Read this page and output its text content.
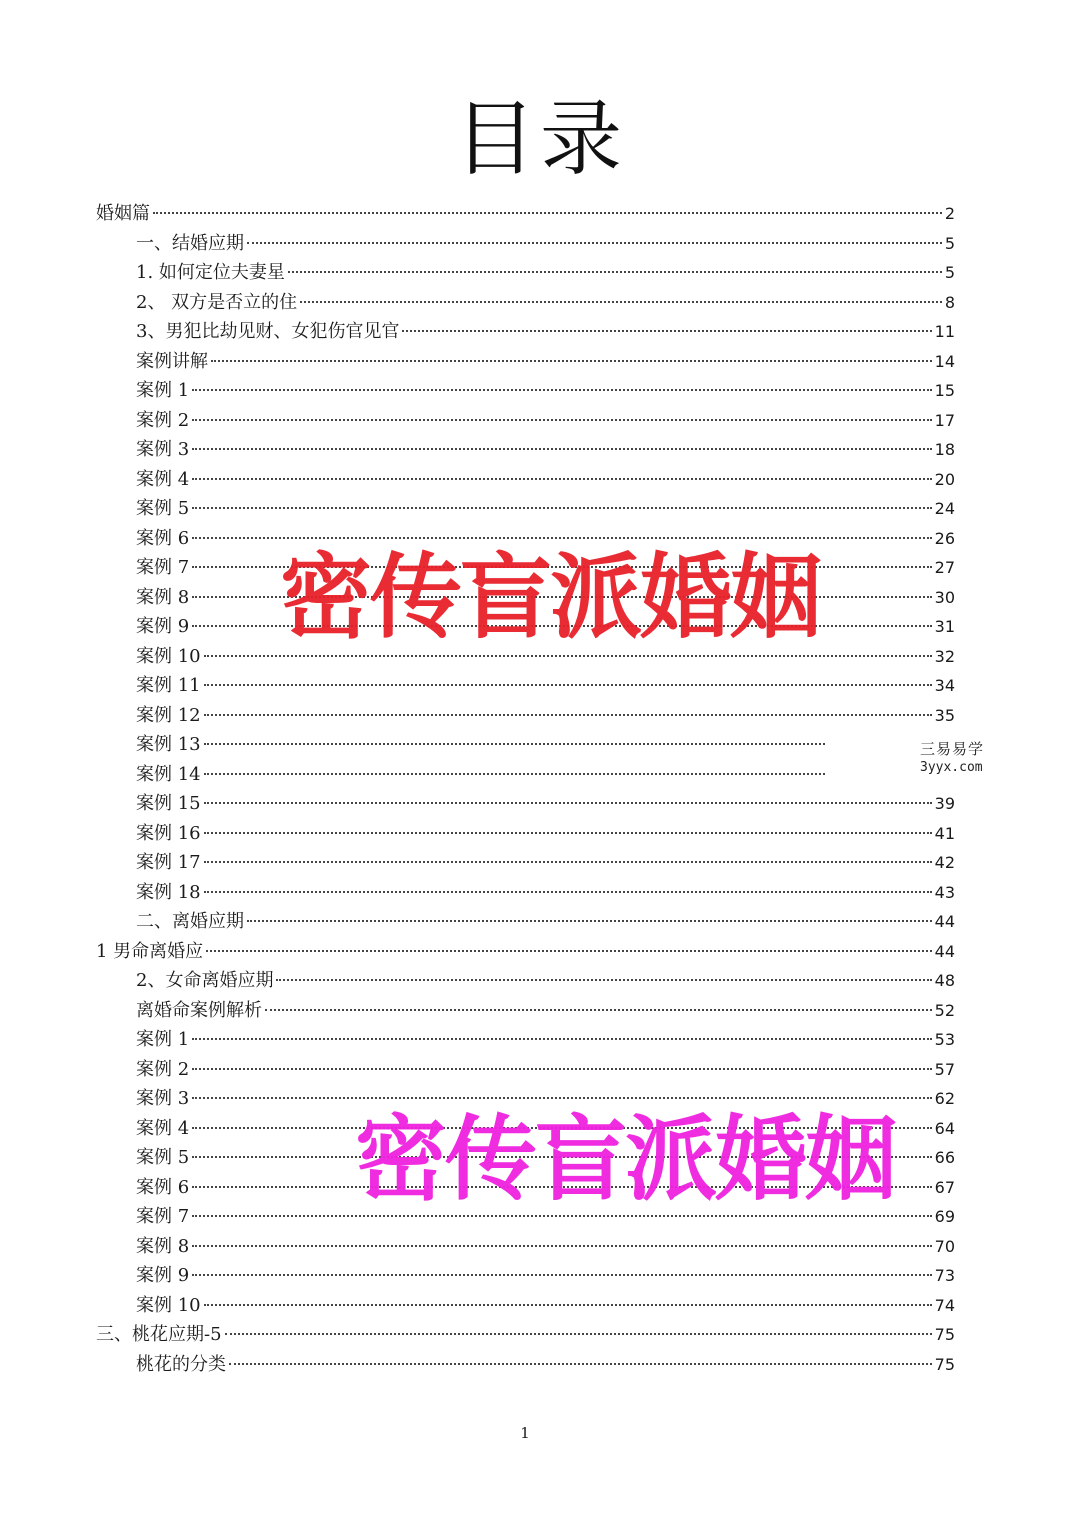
目录
婚姻篇	2
一、结婚应期	5
1. 如何定位夫妻星	5
2、 双方是否立的住	8
3、男犯比劫见财、女犯伤官见官	11
案例讲解	14
案例 1	15
案例 2	17
案例 3	18
案例 4	20
案例 5	24
案例 6	26
案例 7	27
案例 8	30
案例 9	31
案例 10	32
案例 11	34
案例 12	35
案例 13
案例 14
案例 15	39
案例 16	41
案例 17	42
案例 18	43
二、离婚应期	44
1 男命离婚应	44
2、女命离婚应期	48
离婚命案例解析	52
案例 1	53
案例 2	57
案例 3	62
案例 4	64
案例 5	66
案例 6	67
案例 7	69
案例 8	70
案例 9	73
案例 10	74
三、桃花应期-5	75
桃花的分类	75
密传盲派婚姻
密传盲派婚姻
三易易学
3yyx.com
1
